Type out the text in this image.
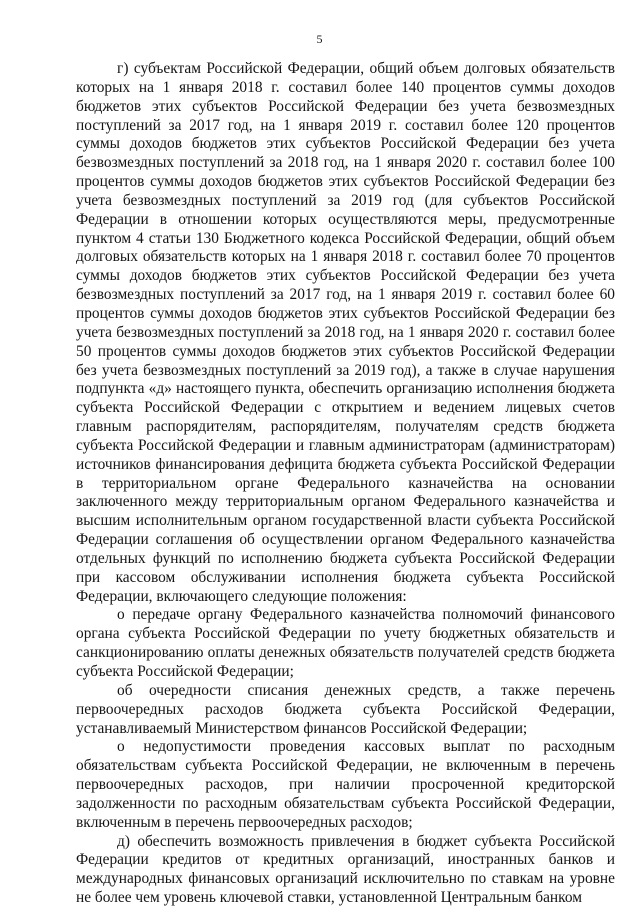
5

г) субъектам Российской Федерации, общий объем долговых обязательств которых на 1 января 2018 г. составил более 140 процентов суммы доходов бюджетов этих субъектов Российской Федерации без учета безвозмездных поступлений за 2017 год, на 1 января 2019 г. составил более 120 процентов суммы доходов бюджетов этих субъектов Российской Федерации без учета безвозмездных поступлений за 2018 год, на 1 января 2020 г. составил более 100 процентов суммы доходов бюджетов этих субъектов Российской Федерации без учета безвозмездных поступлений за 2019 год (для субъектов Российской Федерации в отношении которых осуществляются меры, предусмотренные пунктом 4 статьи 130 Бюджетного кодекса Российской Федерации, общий объем долговых обязательств которых на 1 января 2018 г. составил более 70 процентов суммы доходов бюджетов этих субъектов Российской Федерации без учета безвозмездных поступлений за 2017 год, на 1 января 2019 г. составил более 60 процентов суммы доходов бюджетов этих субъектов Российской Федерации без учета безвозмездных поступлений за 2018 год, на 1 января 2020 г. составил более 50 процентов суммы доходов бюджетов этих субъектов Российской Федерации без учета безвозмездных поступлений за 2019 год), а также в случае нарушения подпункта «д» настоящего пункта, обеспечить организацию исполнения бюджета субъекта Российской Федерации с открытием и ведением лицевых счетов главным распорядителям, распорядителям, получателям средств бюджета субъекта Российской Федерации и главным администраторам (администраторам) источников финансирования дефицита бюджета субъекта Российской Федерации в территориальном органе Федерального казначейства на основании заключенного между территориальным органом Федерального казначейства и высшим исполнительным органом государственной власти субъекта Российской Федерации соглашения об осуществлении органом Федерального казначейства отдельных функций по исполнению бюджета субъекта Российской Федерации при кассовом обслуживании исполнения бюджета субъекта Российской Федерации, включающего следующие положения:

о передаче органу Федерального казначейства полномочий финансового органа субъекта Российской Федерации по учету бюджетных обязательств и санкционированию оплаты денежных обязательств получателей средств бюджета субъекта Российской Федерации;

об очередности списания денежных средств, а также перечень первоочередных расходов бюджета субъекта Российской Федерации, устанавливаемый Министерством финансов Российской Федерации;

о недопустимости проведения кассовых выплат по расходным обязательствам субъекта Российской Федерации, не включенным в перечень первоочередных расходов, при наличии просроченной кредиторской задолженности по расходным обязательствам субъекта Российской Федерации, включенным в перечень первоочередных расходов;

д) обеспечить возможность привлечения в бюджет субъекта Российской Федерации кредитов от кредитных организаций, иностранных банков и международных финансовых организаций исключительно по ставкам на уровне не более чем уровень ключевой ставки, установленной Центральным банком
